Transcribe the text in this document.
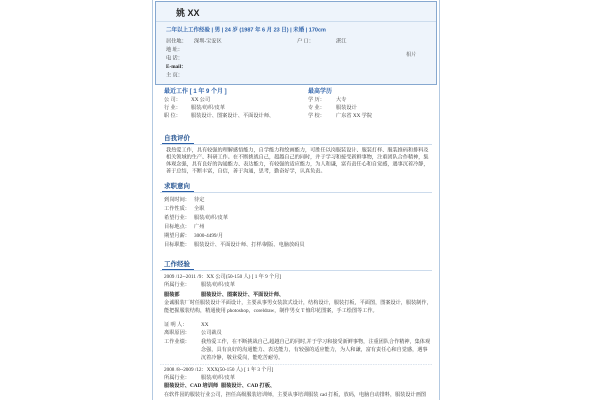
姚 XX
二年以上工作经验 | 男 | 24 岁 (1987 年 6 月 23 日) | 未婚 | 170cm
居住地： 深圳-宝安区	户 口： 湛江
地 址：
电 话：
E-mail：
主 页：
相片
最近工作 [ 1 年 9 个月 ]	最高学历
公 司： XX 公司
行 业： 服装/纺织/皮革
职 位： 服装设计、图案设计、平面设计师、
学 历： 大专
专 业： 服装设计
学 校： 广东省 XX 学院
自我评价
我热爱工作，具有较强的理解感悟能力，自学能力和绘画能力，可胜任以岗服装设计、服装打样、服装推码和排料及相关领域的生产、科研工作。在不断挑战自己，超越自己的同时，并于学习和接受新鲜事物，注重团队合作精神，集体观念强，具有良好的沟通能力、表达能力，有较强的适应能力，为人和谦，富有责任心和自觉感，遇事沉着冷静，善于总结，不断丰富，自信，善于沟通，思考，勤奋好学，认真负责。
求职意向
到岗时间： 待定
工作性质： 全职
希望行业： 服装/纺织/皮革
目标地点： 广州
期望月薪： 3000-4499/月
目标职能： 服装设计、平面设计师、打样/制版、电脑放码员
工作经验
2009 /12--2011 /9：XX 公司(50-150 人) [ 1 年 9 个月]
所属行业： 服装/纺织/皮革
服装部 服装设计、图案设计、平面设计师、
金诚服装厂时任服装设计平面设计，主要从事男女装款式设计，结构设计，服装打板，平面图，图案设计，服装制作，能把握服装结构，精通使用 photoshop，coreldraw，制作男女 T 恤印花图案，手工绘图等工作。
证 明 人： XX
离职原因： 公司裁员
工作业绩： 我热爱工作，在不断挑战自己,超越自己的同时,并于学习和接受新鲜事物，注重团队合作精神，集体观念强，具有良好的沟通能力、表达能力，有较强的适应能力，为人和谦，富有责任心和自觉感，遇事沉着冷静，敬业爱岗，能吃苦耐劳。
2008 /8--2009 /12：XXX(50-150 人) [ 1 年 3 个月]
所属行业： 服装/纺织/皮革
服装设计、CAD 培训师 服装设计、CAD 打板、
在软件园的服装行业公司，担任高级服装培训师，主要从事培训服装 cad 打板，放码，电脑自动排料，服装设计画图
